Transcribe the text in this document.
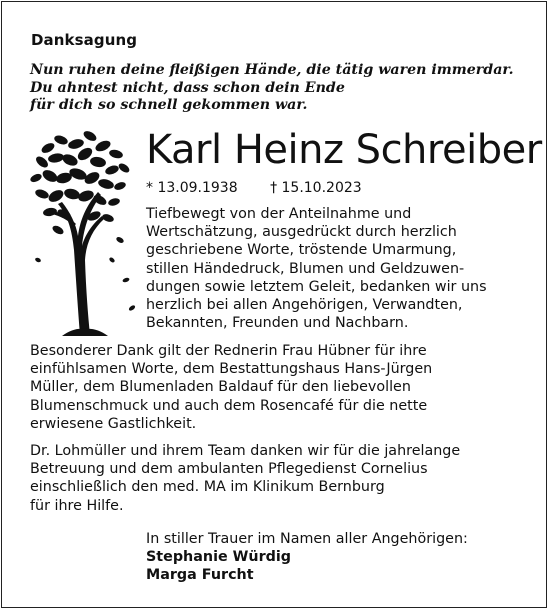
Danksagung
Nun ruhen deine fleißigen Hände, die tätig waren immerdar.
Du ahntest nicht, dass schon dein Ende
für dich so schnell gekommen war.
Karl Heinz Schreiber
* 13.09.1938 † 15.10.2023
Tiefbewegt von der Anteilnahme und
Wertschätzung, ausgedrückt durch herzlich
geschriebene Worte, tröstende Umarmung,
stillen Händedruck, Blumen und Geldzuwen-
dungen sowie letztem Geleit, bedanken wir uns
herzlich bei allen Angehörigen, Verwandten,
Bekannten, Freunden und Nachbarn.
Besonderer Dank gilt der Rednerin Frau Hübner für ihre
einfühlsamen Worte, dem Bestattungshaus Hans-Jürgen
Müller, dem Blumenladen Baldauf für den liebevollen
Blumenschmuck und auch dem Rosencafé für die nette
erwiesene Gastlichkeit.
Dr. Lohmüller und ihrem Team danken wir für die jahrelange
Betreuung und dem ambulanten Pflegedienst Cornelius
einschließlich den med. MA im Klinikum Bernburg
für ihre Hilfe.
In stiller Trauer im Namen aller Angehörigen:
Stephanie Würdig
Marga Furcht
